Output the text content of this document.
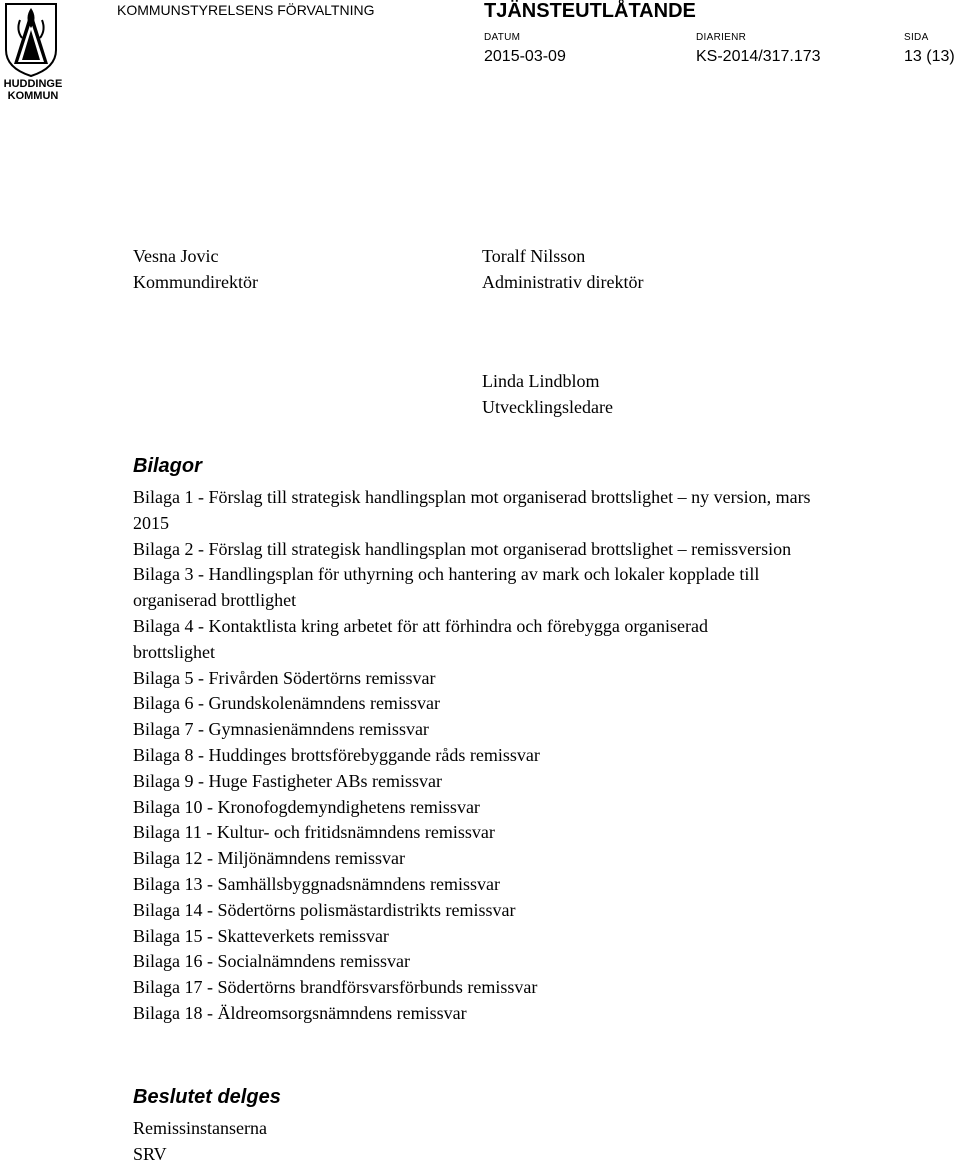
HUDDINGE
KOMMUN
KOMMUNSTYRELSENS FÖRVALTNING	TJÄNSTEUTLÅTANDE
DATUM
2015-03-09
DIARIENR
KS-2014/317.173
SIDA
13 (13)
Vesna Jovic
Kommundirektör
Toralf Nilsson
Administrativ direktör
Linda Lindblom
Utvecklingsledare
Bilagor
Bilaga 1 - Förslag till strategisk handlingsplan mot organiserad brottslighet – ny version, mars 2015
Bilaga 2 - Förslag till strategisk handlingsplan mot organiserad brottslighet – remissversion
Bilaga 3 - Handlingsplan för uthyrning och hantering av mark och lokaler kopplade till organiserad brottlighet
Bilaga 4 - Kontaktlista kring arbetet för att förhindra och förebygga organiserad brottslighet
Bilaga 5 - Frivården Södertörns remissvar
Bilaga 6 - Grundskolenämndens remissvar
Bilaga 7 - Gymnasienämndens remissvar
Bilaga 8 - Huddinges brottsförebyggande råds remissvar
Bilaga 9 - Huge Fastigheter ABs remissvar
Bilaga 10 - Kronofogdemyndighetens remissvar
Bilaga 11 - Kultur- och fritidsnämndens remissvar
Bilaga 12 - Miljönämndens remissvar
Bilaga 13 - Samhällsbyggnadsnämndens remissvar
Bilaga 14 - Södertörns polismästardistrikts remissvar
Bilaga 15 - Skatteverkets remissvar
Bilaga 16 - Socialnämndens remissvar
Bilaga 17 - Södertörns brandförsvarsförbunds remissvar
Bilaga 18 - Äldreomsorgsnämndens remissvar
Beslutet delges
Remissinstanserna
SRV
